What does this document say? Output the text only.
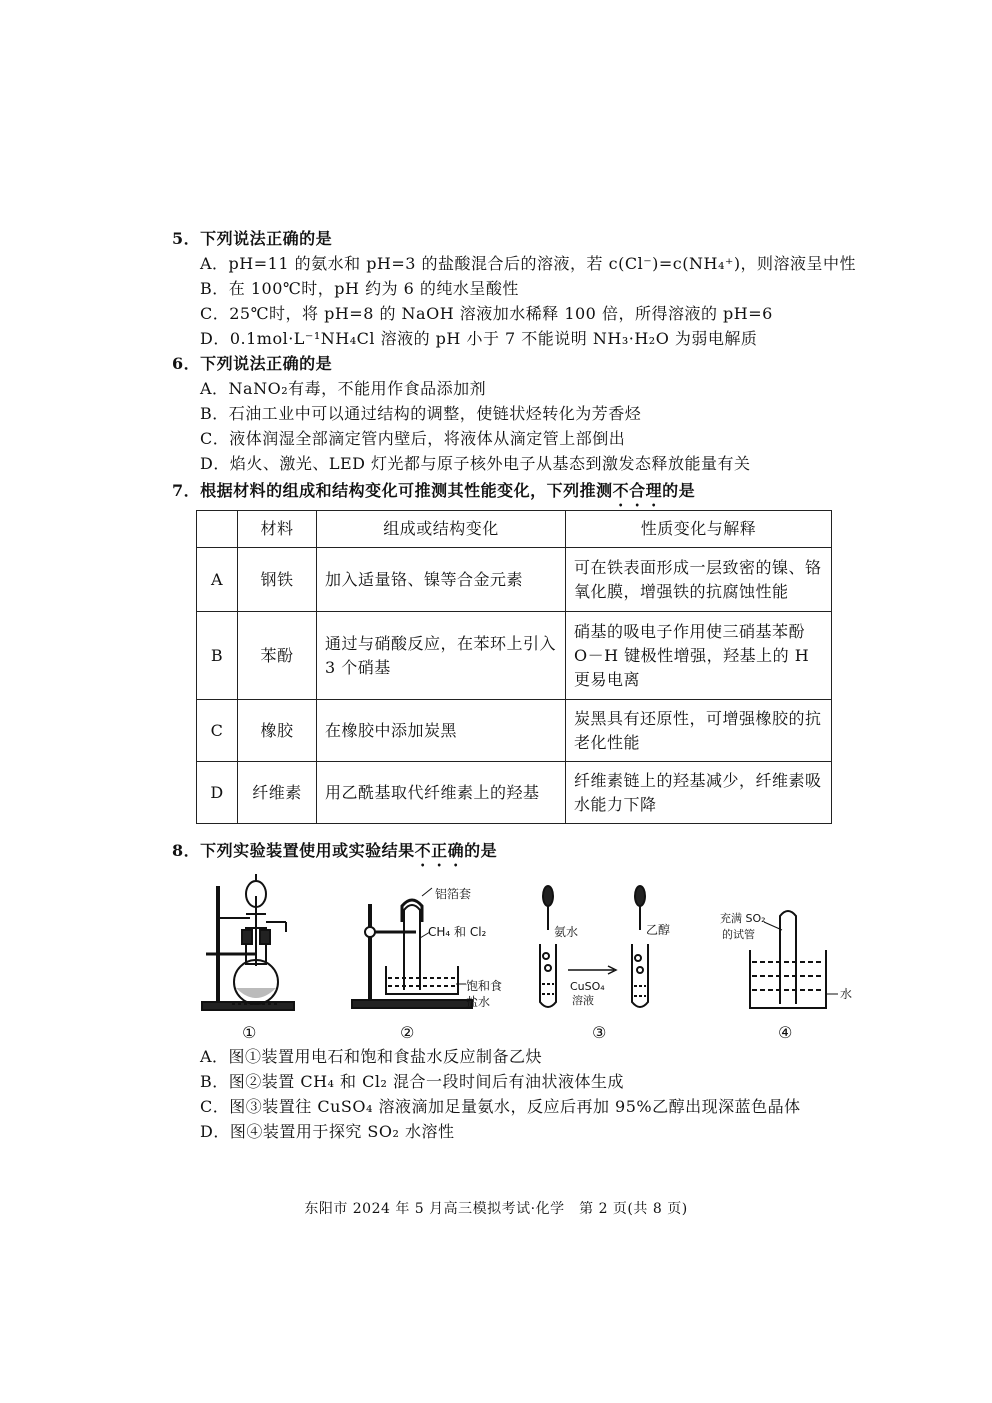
5．下列说法正确的是
A．pH=11 的氨水和 pH=3 的盐酸混合后的溶液，若 c(Cl⁻)=c(NH₄⁺)，则溶液呈中性
B．在 100℃时，pH 约为 6 的纯水呈酸性
C．25℃时，将 pH=8 的 NaOH 溶液加水稀释 100 倍，所得溶液的 pH=6
D．0.1mol·L⁻¹NH₄Cl 溶液的 pH 小于 7 不能说明 NH₃·H₂O 为弱电解质
6．下列说法正确的是
A．NaNO₂有毒，不能用作食品添加剂
B．石油工业中可以通过结构的调整，使链状烃转化为芳香烃
C．液体润湿全部滴定管内壁后，将液体从滴定管上部倒出
D．焰火、激光、LED 灯光都与原子核外电子从基态到激发态释放能量有关
7．根据材料的组成和结构变化可推测其性能变化，下列推测不合理的是
	材料	组成或结构变化	性质变化与解释
A	钢铁	加入适量铬、镍等合金元素	可在铁表面形成一层致密的镍、铬氧化膜，增强铁的抗腐蚀性能
B	苯酚	通过与硝酸反应，在苯环上引入 3 个硝基	硝基的吸电子作用使三硝基苯酚 O－H 键极性增强，羟基上的 H 更易电离
C	橡胶	在橡胶中添加炭黑	炭黑具有还原性，可增强橡胶的抗老化性能
D	纤维素	用乙酰基取代纤维素上的羟基	纤维素链上的羟基减少，纤维素吸水能力下降
8．下列实验装置使用或实验结果不正确的是
铝箔套
CH₄ 和 Cl₂
饱和食
盐水
氨水	乙醇
CuSO₄
溶液
充满 SO₂
的试管
水
①	②	③	④
A．图①装置用电石和饱和食盐水反应制备乙炔
B．图②装置 CH₄ 和 Cl₂ 混合一段时间后有油状液体生成
C．图③装置往 CuSO₄ 溶液滴加足量氨水，反应后再加 95%乙醇出现深蓝色晶体
D．图④装置用于探究 SO₂ 水溶性
东阳市 2024 年 5 月高三模拟考试·化学　第 2 页(共 8 页)
